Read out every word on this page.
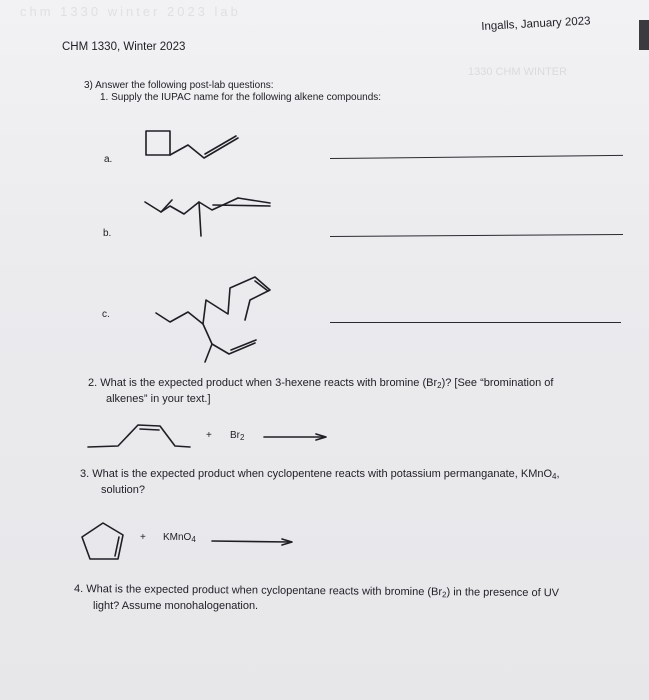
chm 1330 winter 2023 lab
1330 CHM WINTER
CHM 1330, Winter 2023
Ingalls, January 2023
3) Answer the following post-lab questions:
1. Supply the IUPAC name for the following alkene compounds:
a.
b.
c.
2. What is the expected product when 3-hexene reacts with bromine $(Br_2)$? [See “bromination of
alkenes” in your text.]
+ $Br_2$
3. What is the expected product when cyclopentene reacts with potassium permanganate, KMnO$_4$,
solution?
+ KMnO$_4$
4. What is the expected product when cyclopentane reacts with bromine $(Br_2)$ in the presence of UV
light? Assume monohalogenation.
